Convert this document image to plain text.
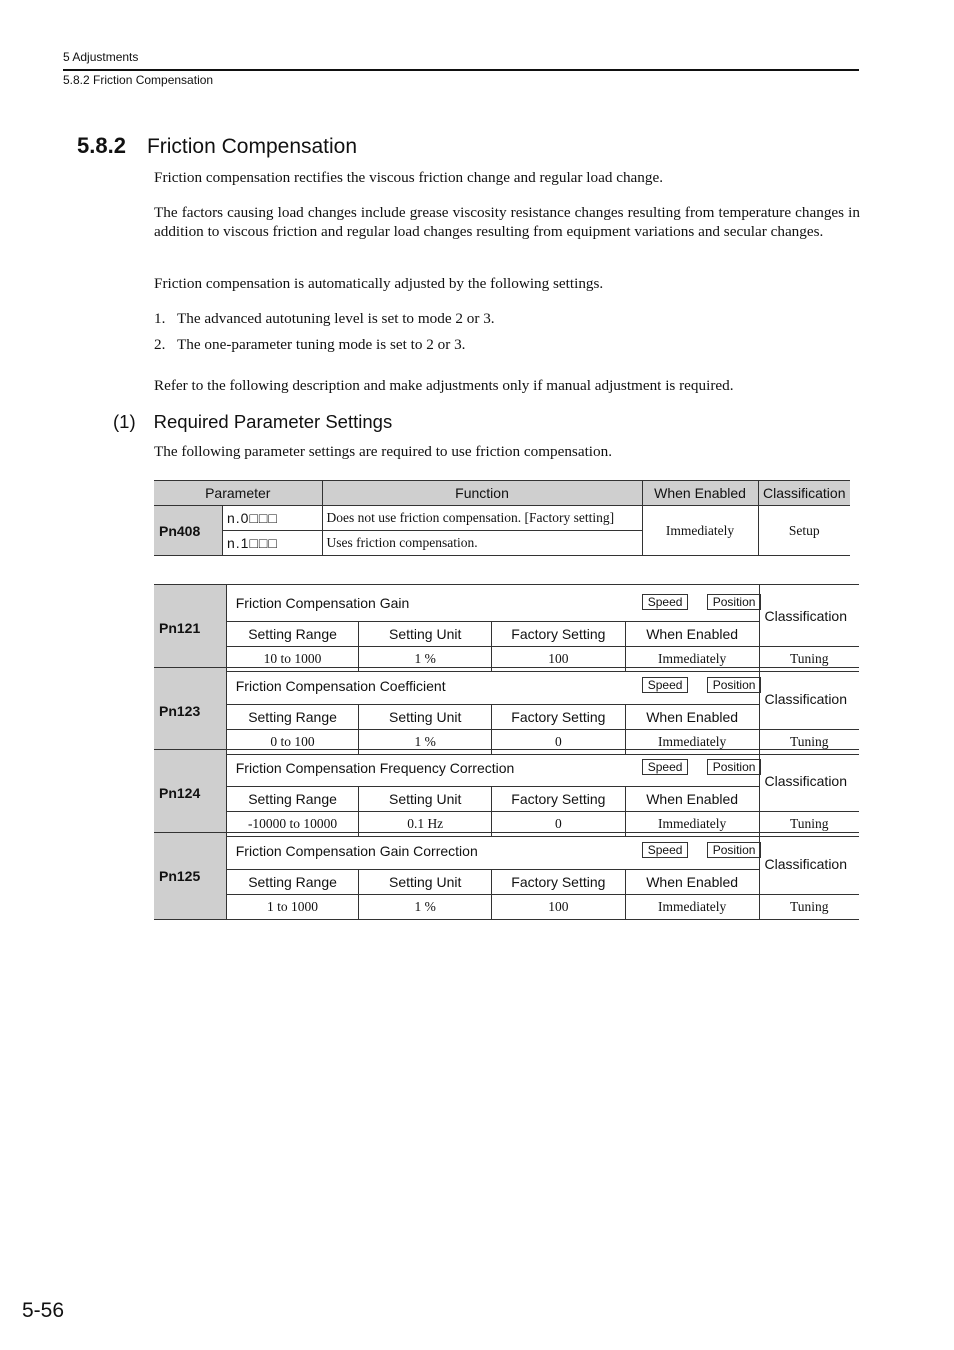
5 Adjustments
5.8.2 Friction Compensation
5.8.2 Friction Compensation
Friction compensation rectifies the viscous friction change and regular load change.
The factors causing load changes include grease viscosity resistance changes resulting from temperature changes in addition to viscous friction and regular load changes resulting from equipment variations and secular changes.
Friction compensation is automatically adjusted by the following settings.
1. The advanced autotuning level is set to mode 2 or 3.
2. The one-parameter tuning mode is set to 2 or 3.
Refer to the following description and make adjustments only if manual adjustment is required.
(1) Required Parameter Settings
The following parameter settings are required to use friction compensation.
Parameter		Function	When Enabled	Classification
Pn408	n.0□□□	Does not use friction compensation. [Factory setting]	Immediately	Setup
	n.1□□□	Uses friction compensation.		
Pn121	Friction Compensation Gain Speed Position				Classification
	Setting Range	Setting Unit	Factory Setting	When Enabled	
	10 to 1000	1 %	100	Immediately	Tuning
Pn123	Friction Compensation Coefficient Speed Position				Classification
	Setting Range	Setting Unit	Factory Setting	When Enabled	
	0 to 100	1 %	0	Immediately	Tuning
Pn124	Friction Compensation Frequency Correction Speed Position				Classification
	Setting Range	Setting Unit	Factory Setting	When Enabled	
	-10000 to 10000	0.1 Hz	0	Immediately	Tuning
Pn125	Friction Compensation Gain Correction Speed Position				Classification
	Setting Range	Setting Unit	Factory Setting	When Enabled	
	1 to 1000	1 %	100	Immediately	Tuning
5-56
